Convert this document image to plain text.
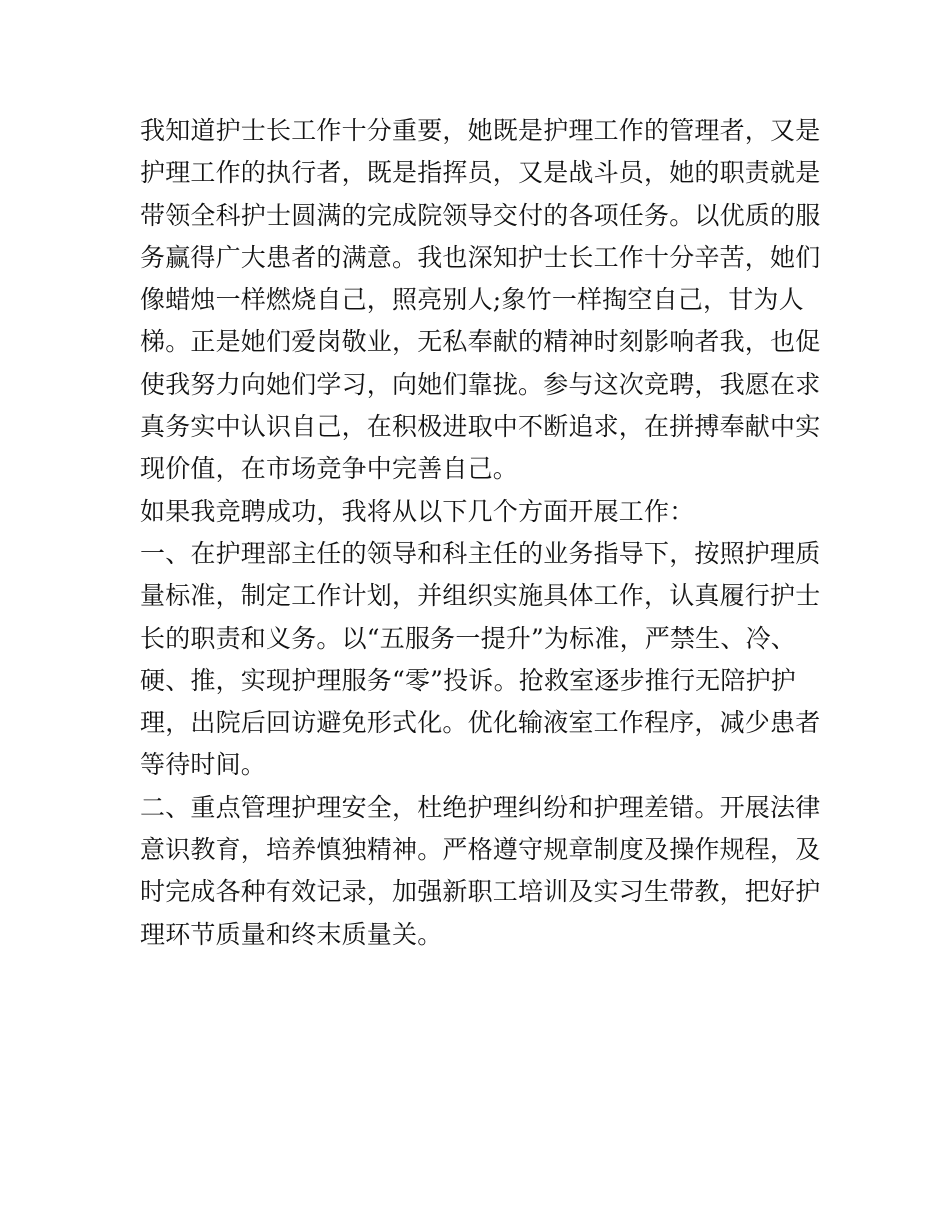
我知道护士长工作十分重要，她既是护理工作的管理者，又是
护理工作的执行者，既是指挥员，又是战斗员，她的职责就是
带领全科护士圆满的完成院领导交付的各项任务。以优质的服
务赢得广大患者的满意。我也深知护士长工作十分辛苦，她们
像蜡烛一样燃烧自己，照亮别人;象竹一样掏空自己，甘为人
梯。正是她们爱岗敬业，无私奉献的精神时刻影响者我，也促
使我努力向她们学习，向她们靠拢。参与这次竞聘，我愿在求
真务实中认识自己，在积极进取中不断追求，在拼搏奉献中实
现价值，在市场竞争中完善自己。
如果我竞聘成功，我将从以下几个方面开展工作：
一、在护理部主任的领导和科主任的业务指导下，按照护理质
量标准，制定工作计划，并组织实施具体工作，认真履行护士
长的职责和义务。以“五服务一提升”为标准，严禁生、冷、
硬、推，实现护理服务“零”投诉。抢救室逐步推行无陪护护
理，出院后回访避免形式化。优化输液室工作程序，减少患者
等待时间。
二、重点管理护理安全，杜绝护理纠纷和护理差错。开展法律
意识教育，培养慎独精神。严格遵守规章制度及操作规程，及
时完成各种有效记录，加强新职工培训及实习生带教，把好护
理环节质量和终末质量关。
